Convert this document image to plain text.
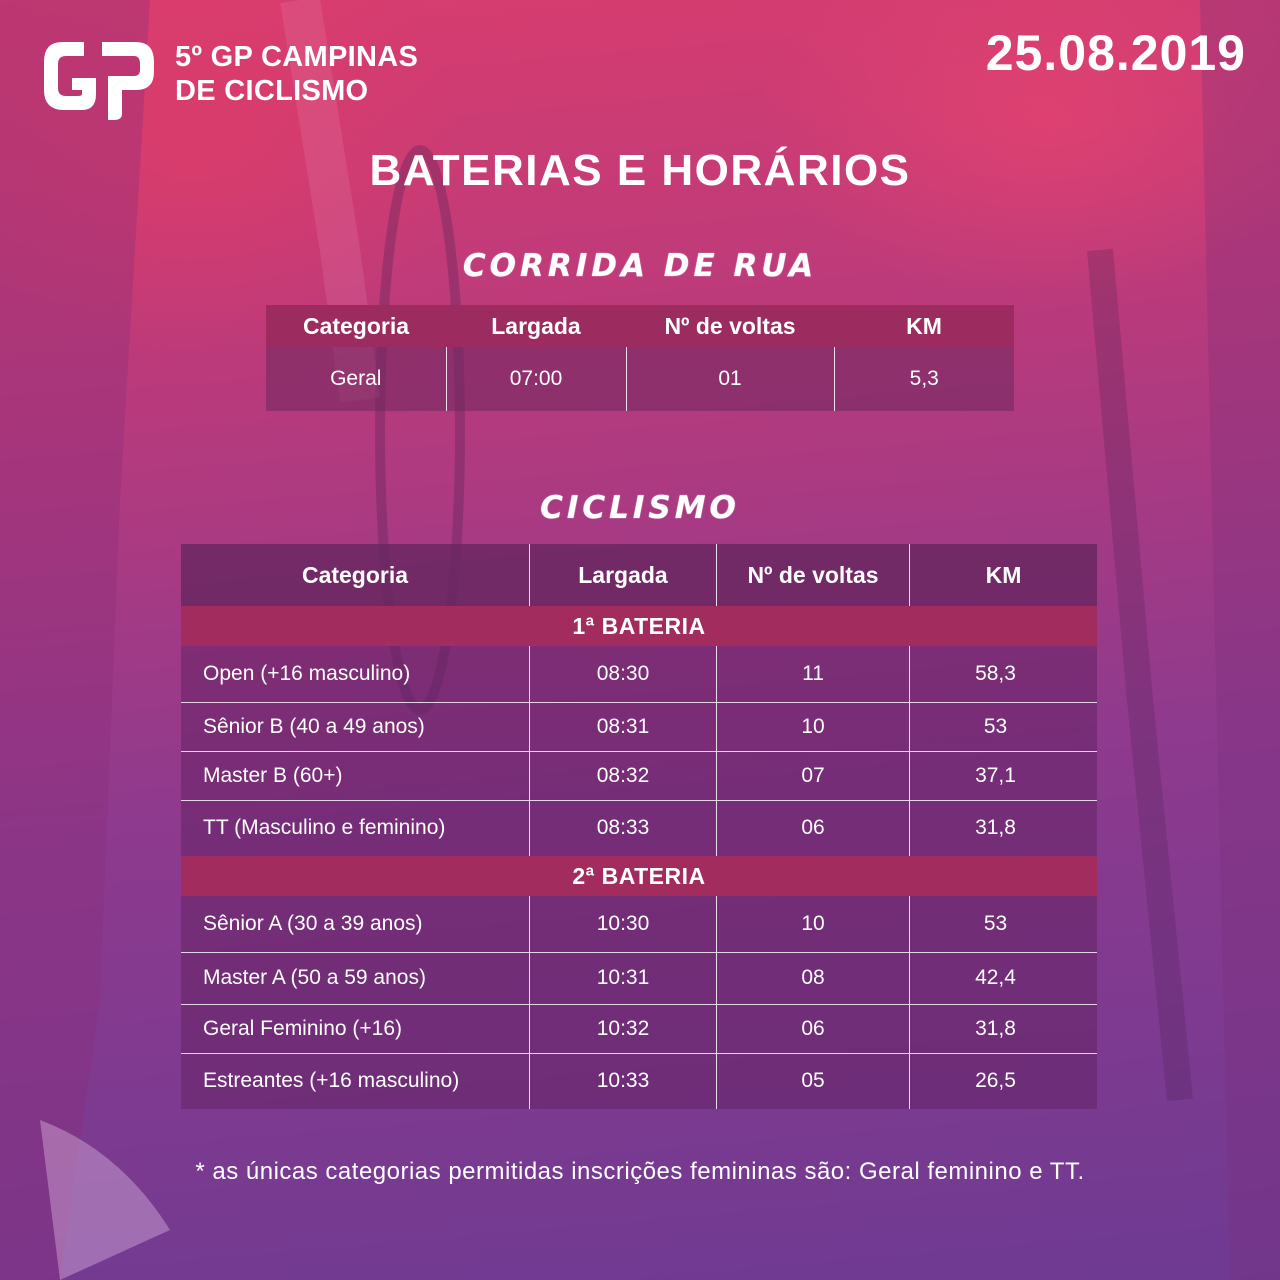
5º GP CAMPINAS
DE CICLISMO
25.08.2019
BATERIAS E HORÁRIOS
CORRIDA DE RUA
Categoria	Largada	Nº de voltas	KM
Geral	07:00	01	5,3
CICLISMO
Categoria	Largada	Nº de voltas	KM
1ª BATERIA			
Open (+16 masculino)	08:30	11	58,3
Sênior B (40 a 49 anos)	08:31	10	53
Master B (60+)	08:32	07	37,1
TT (Masculino e feminino)	08:33	06	31,8
2ª BATERIA			
Sênior A (30 a 39 anos)	10:30	10	53
Master A (50 a 59 anos)	10:31	08	42,4
Geral Feminino (+16)	10:32	06	31,8
Estreantes (+16 masculino)	10:33	05	26,5
* as únicas categorias permitidas inscrições femininas são: Geral feminino e TT.
